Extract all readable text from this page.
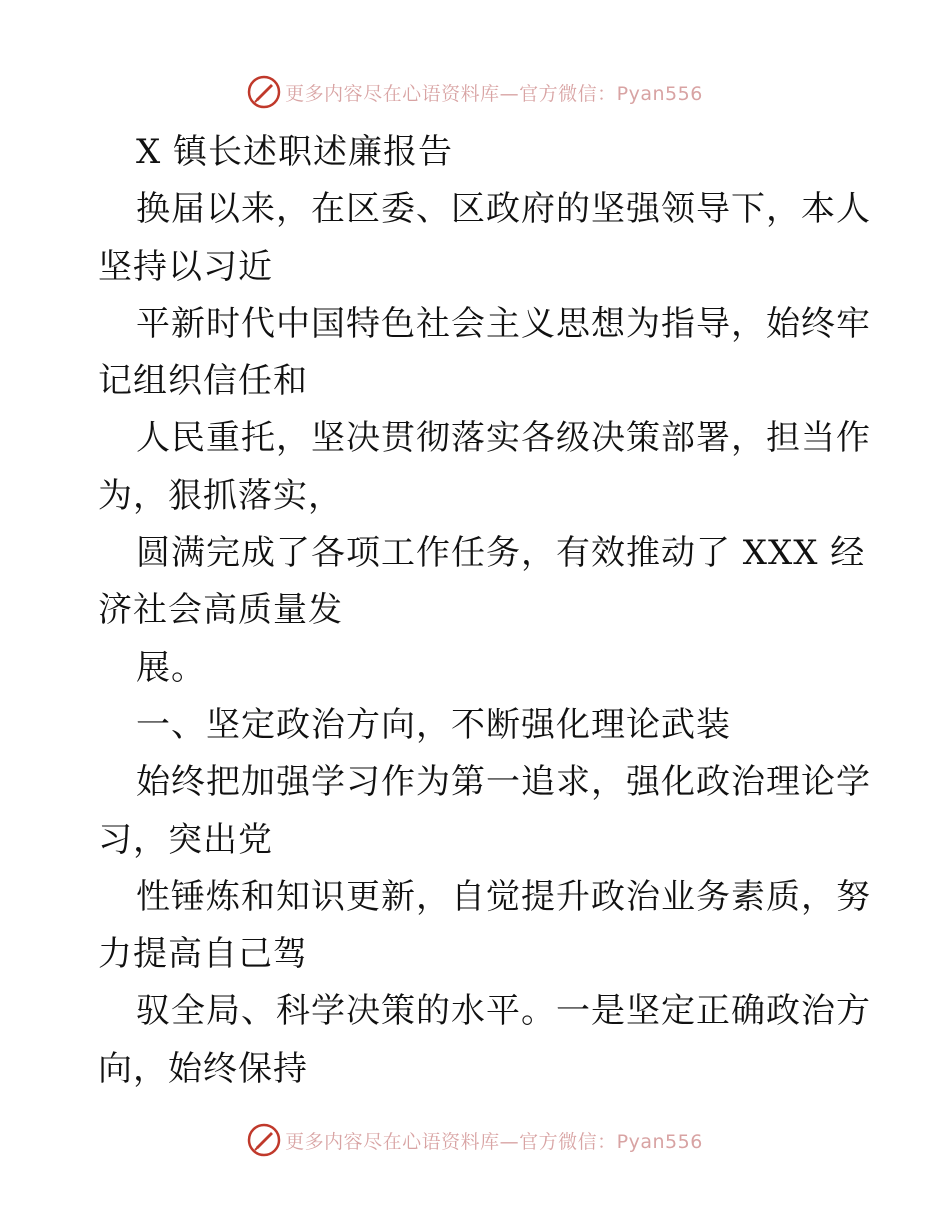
更多内容尽在心语资料库—官方微信：Pyan556
X 镇长述职述廉报告
换届以来，在区委、区政府的坚强领导下，本人
坚持以习近
平新时代中国特色社会主义思想为指导，始终牢
记组织信任和
人民重托，坚决贯彻落实各级决策部署，担当作
为，狠抓落实，
圆满完成了各项工作任务，有效推动了 XXX 经
济社会高质量发
展。
一、坚定政治方向，不断强化理论武装
始终把加强学习作为第一追求，强化政治理论学
习，突出党
性锤炼和知识更新，自觉提升政治业务素质，努
力提高自己驾
驭全局、科学决策的水平。一是坚定正确政治方
向，始终保持
更多内容尽在心语资料库—官方微信：Pyan556
